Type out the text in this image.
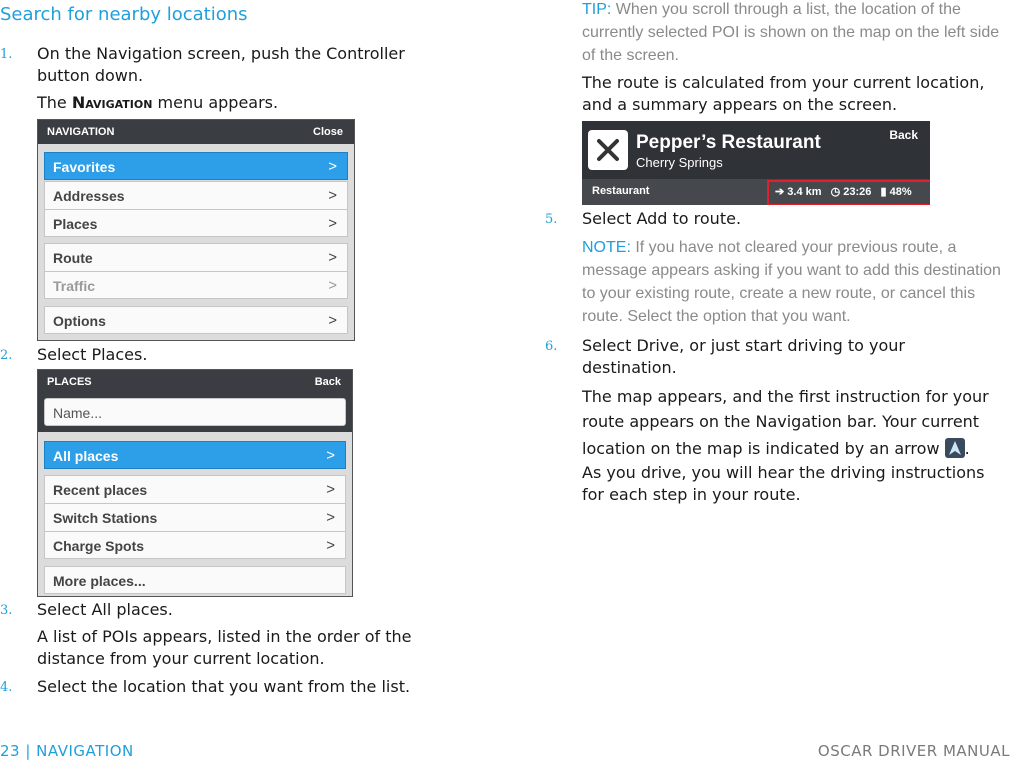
Search for nearby locations
1. On the Navigation screen, push the Controller button down.
The Navigation menu appears.
NAVIGATION	Close
Favorites	>
Addresses	>
Places	>
Route	>
Traffic	>
Options	>
2. Select Places.
PLACES	Back
Name...
All places	>
Recent places	>
Switch Stations	>
Charge Spots	>
More places...
3. Select All places.
A list of POIs appears, listed in the order of the distance from your current location.
4. Select the location that you want from the list.
TIP: When you scroll through a list, the location of the currently selected POI is shown on the map on the left side of the screen.
The route is calculated from your current location, and a summary appears on the screen.
Pepper’s Restaurant
Cherry Springs
Back
Restaurant	➔ 3.4 km ◷ 23:26 ▮ 48%
5. Select Add to route.
NOTE: If you have not cleared your previous route, a message appears asking if you want to add this destination to your existing route, create a new route, or cancel this route. Select the option that you want.
6. Select Drive, or just start driving to your destination.
The map appears, and the first instruction for your route appears on the Navigation bar. Your current location on the map is indicated by an arrow .
As you drive, you will hear the driving instructions for each step in your route.
23 | NAVIGATION	OSCAR DRIVER MANUAL
